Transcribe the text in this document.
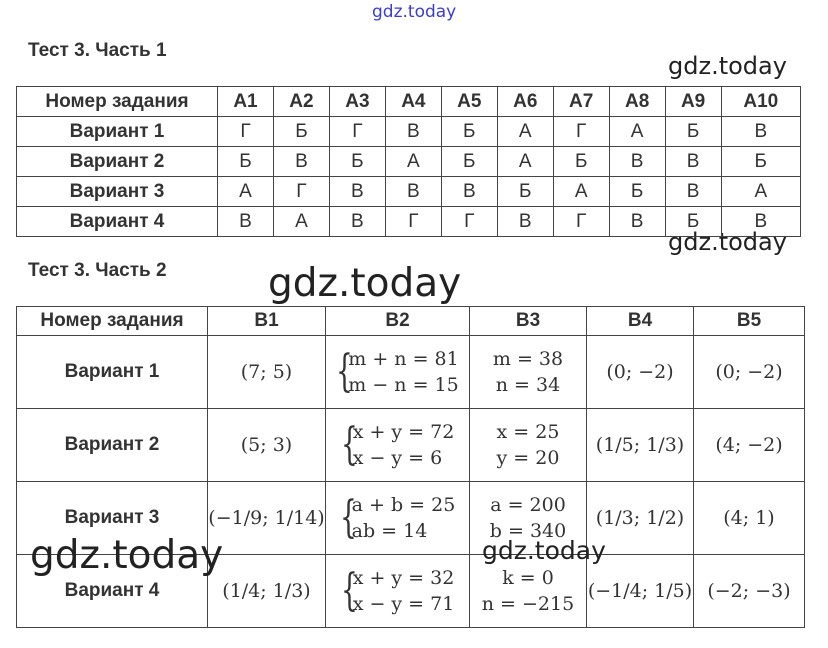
gdz.today
gdz.today
gdz.today
Тест 3. Часть 1
Номер задания	А1	А2	А3	А4	А5	А6	А7	А8	А9	А10
Вариант 1	Г	Б	Г	В	Б	А	Г	А	Б	В
Вариант 2	Б	В	Б	А	Б	А	Б	В	В	Б
Вариант 3	А	Г	В	В	В	Б	А	Б	В	А
Вариант 4	В	А	В	Г	Г	В	Г	В	Б	В
Тест 3. Часть 2
Номер задания	В1	В2	В3	В4	В5
Вариант 1	(7; 5)	{
m + n = 81
m − n = 15	m = 38
n = 34	(0; −2)	(0; −2)
Вариант 2	(5; 3)	{
x + y = 72
x − y = 6	x = 25
y = 20	(1/5; 1/3)	(4; −2)
Вариант 3	(−1/9; 1/14)	{
a + b = 25
ab = 14	a = 200
b = 340	(1/3; 1/2)	(4; 1)
Вариант 4	(1/4; 1/3)	{
x + y = 32
x − y = 71	k = 0
n = −215	(−1/4; 1/5)	(−2; −3)
gdz.today
gdz.today	gdz.today
